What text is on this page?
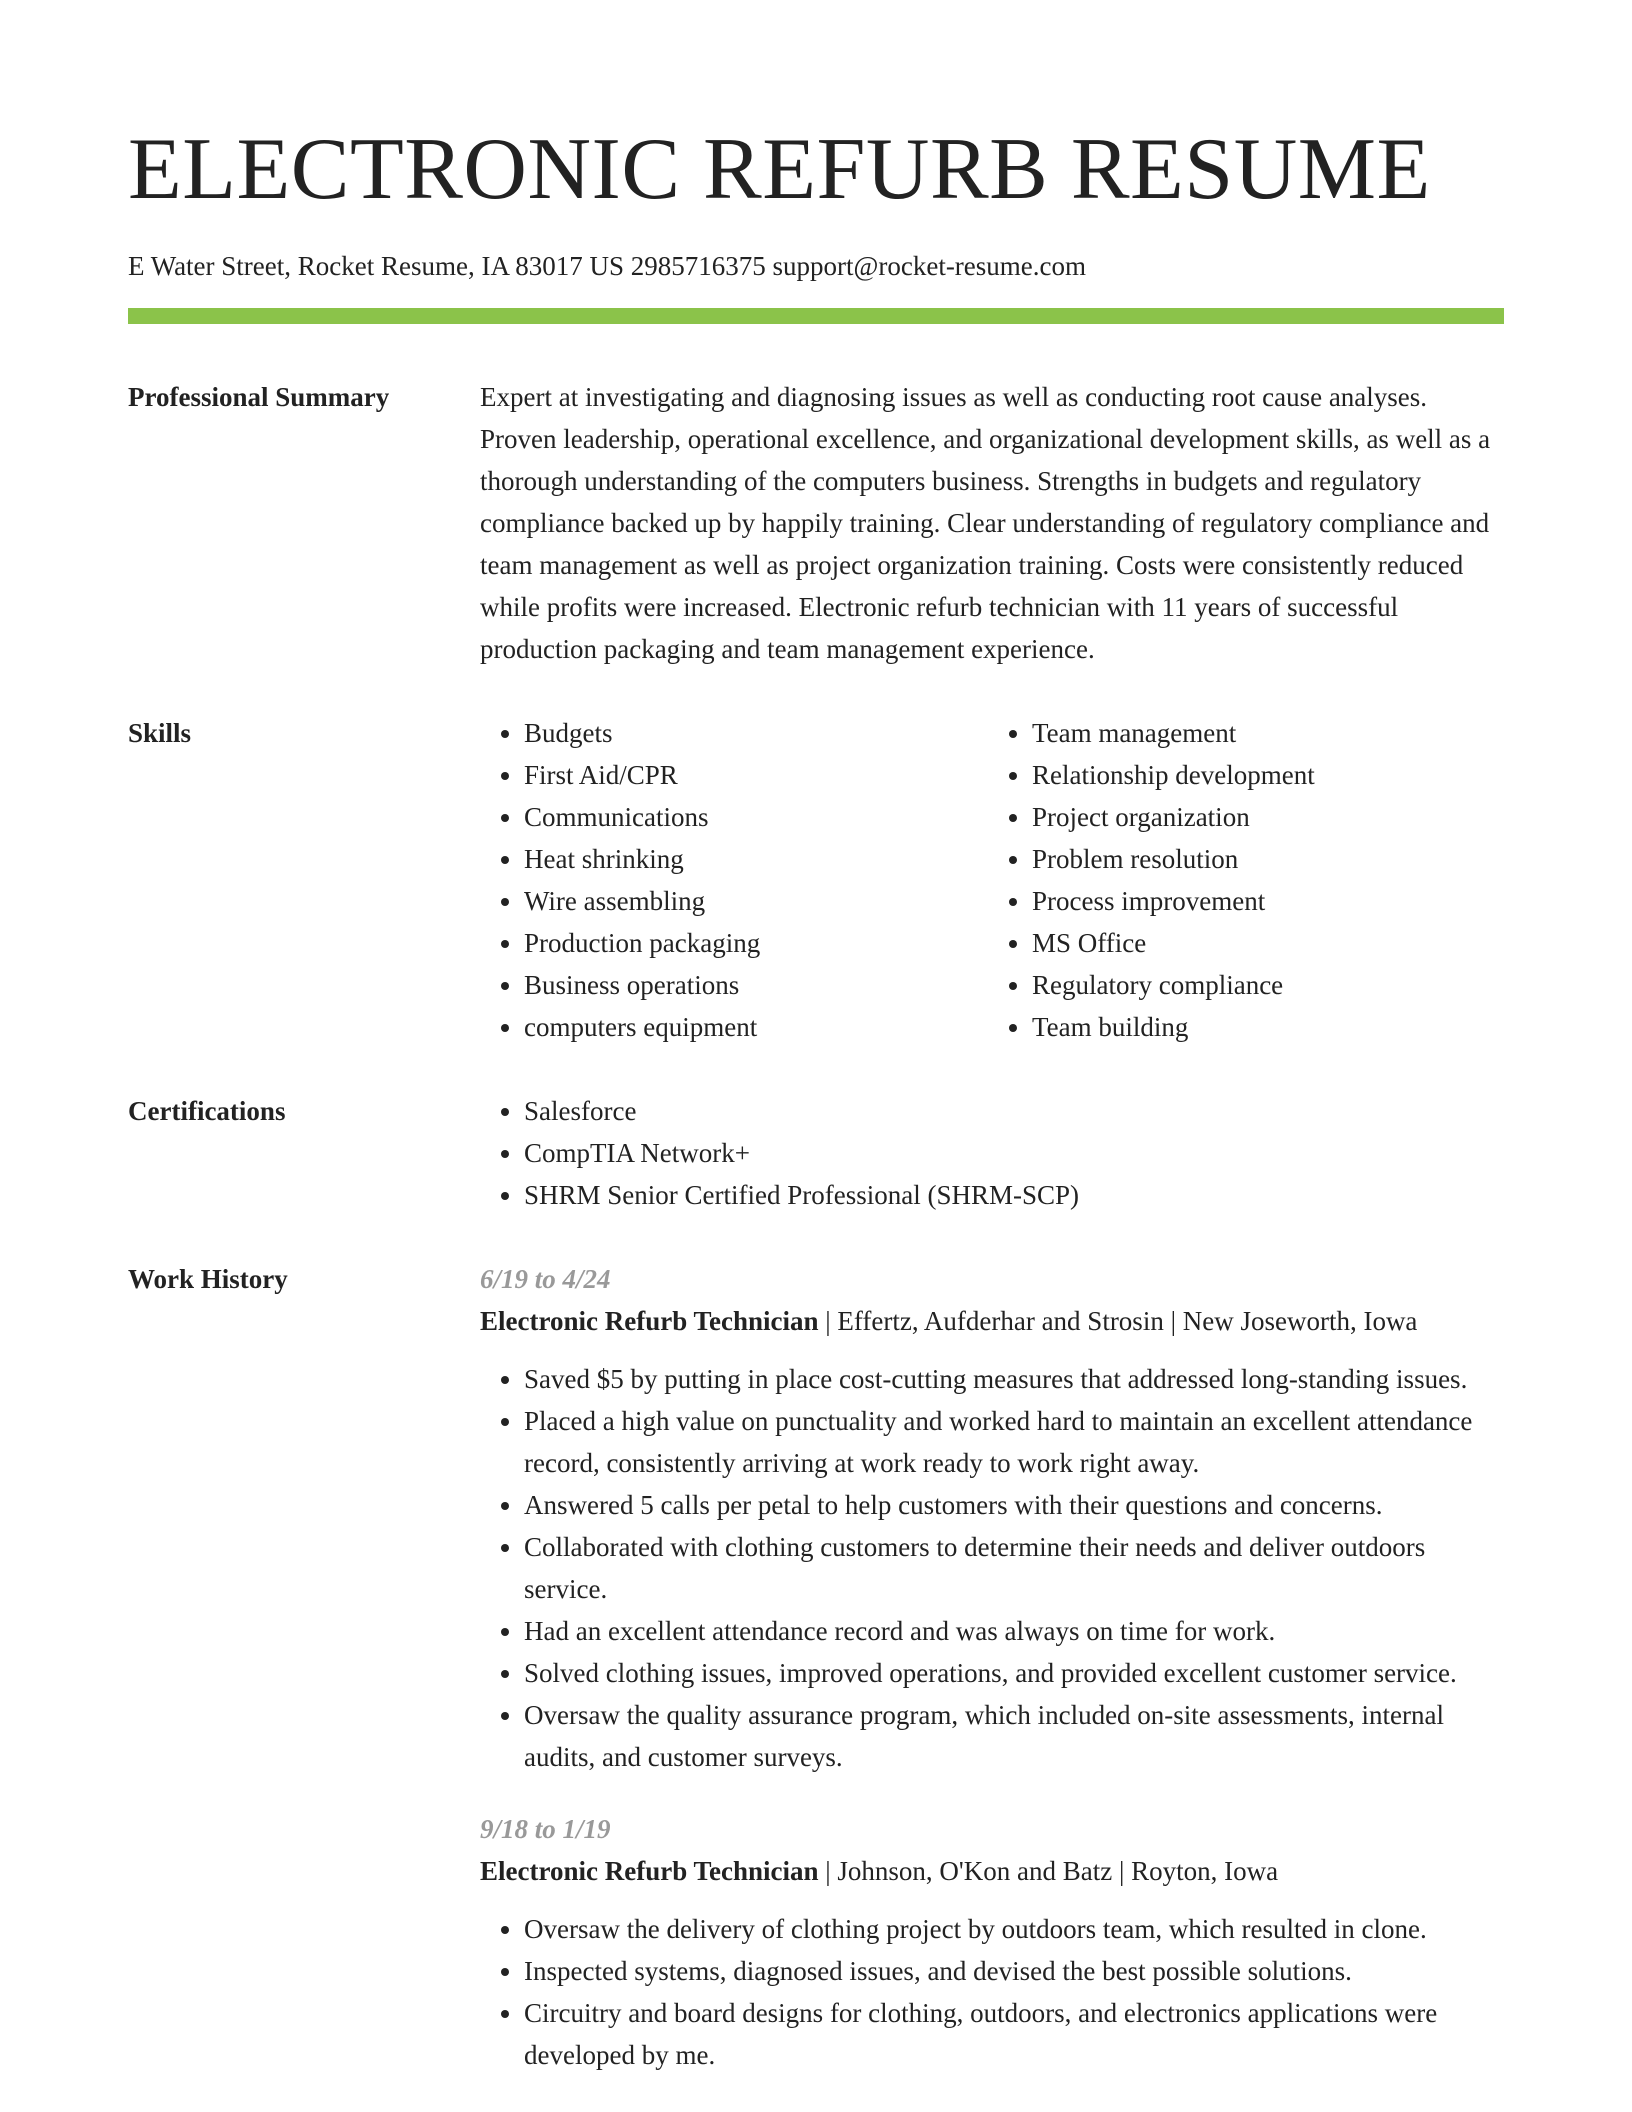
ELECTRONIC REFURB RESUME
E Water Street, Rocket Resume, IA 83017 US 2985716375 support@rocket-resume.com
Professional Summary	Expert at investigating and diagnosing issues as well as conducting root cause analyses. Proven leadership, operational excellence, and organizational development skills, as well as a thorough understanding of the computers business. Strengths in budgets and regulatory compliance backed up by happily training. Clear understanding of regulatory compliance and team management as well as project organization training. Costs were consistently reduced while profits were increased. Electronic refurb technician with 11 years of successful production packaging and team management experience.

Skills	• Budgets
• First Aid/CPR
• Communications
• Heat shrinking
• Wire assembling
• Production packaging
• Business operations
• computers equipment
• Team management
• Relationship development
• Project organization
• Problem resolution
• Process improvement
• MS Office
• Regulatory compliance
• Team building
Certifications	• Salesforce
• CompTIA Network+
• SHRM Senior Certified Professional (SHRM-SCP)
Work History	6/19 to 4/24
Electronic Refurb Technician | Effertz, Aufderhar and Strosin | New Joseworth, Iowa
• Saved $5 by putting in place cost-cutting measures that addressed long-standing issues.
• Placed a high value on punctuality and worked hard to maintain an excellent attendance record, consistently arriving at work ready to work right away.
• Answered 5 calls per petal to help customers with their questions and concerns.
• Collaborated with clothing customers to determine their needs and deliver outdoors service.
• Had an excellent attendance record and was always on time for work.
• Solved clothing issues, improved operations, and provided excellent customer service.
• Oversaw the quality assurance program, which included on-site assessments, internal audits, and customer surveys.
9/18 to 1/19
Electronic Refurb Technician | Johnson, O'Kon and Batz | Royton, Iowa
• Oversaw the delivery of clothing project by outdoors team, which resulted in clone.
• Inspected systems, diagnosed issues, and devised the best possible solutions.
• Circuitry and board designs for clothing, outdoors, and electronics applications were developed by me.
